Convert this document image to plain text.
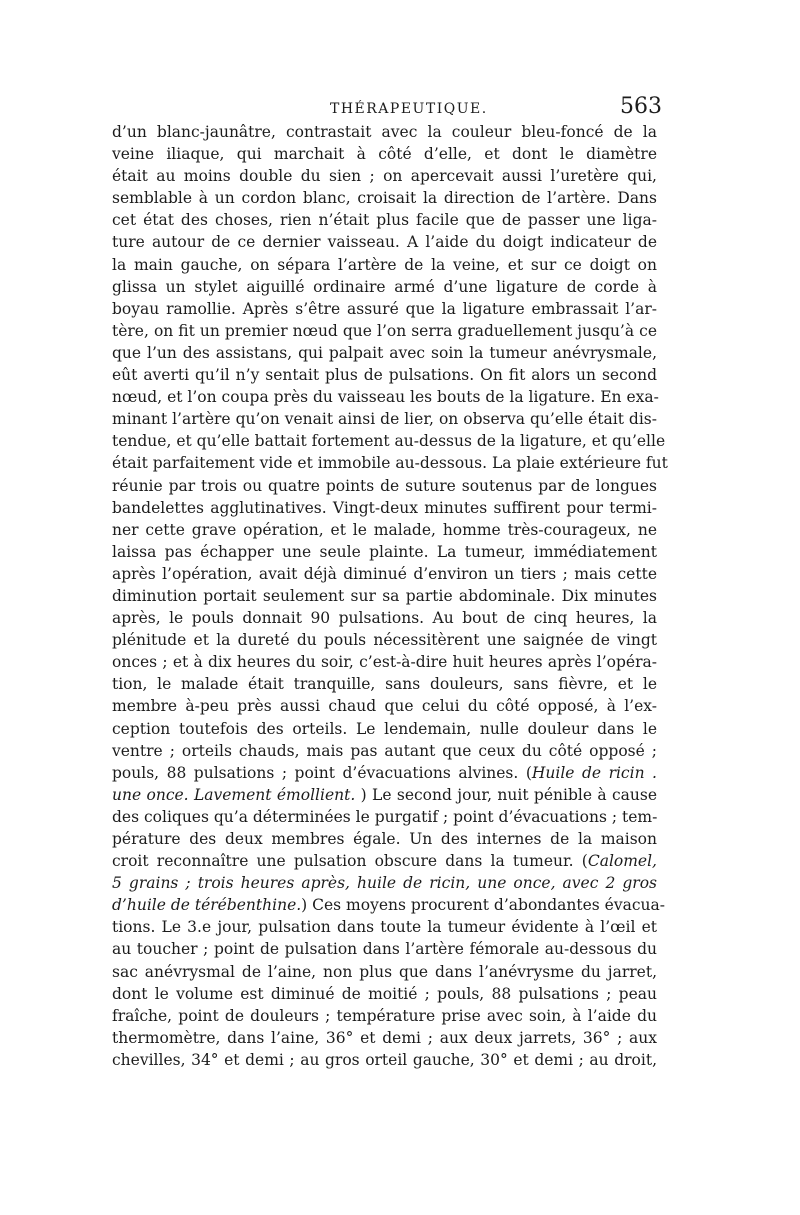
THÉRAPEUTIQUE.	563
d’un blanc-jaunâtre, contrastait avec la couleur bleu-foncé de la
veine iliaque, qui marchait à côté d’elle, et dont le diamètre
était au moins double du sien ; on apercevait aussi l’uretère qui,
semblable à un cordon blanc, croisait la direction de l’artère. Dans
cet état des choses, rien n’était plus facile que de passer une liga-
ture autour de ce dernier vaisseau. A l’aide du doigt indicateur de
la main gauche, on sépara l’artère de la veine, et sur ce doigt on
glissa un stylet aiguillé ordinaire armé d’une ligature de corde à
boyau ramollie. Après s’être assuré que la ligature embrassait l’ar-
tère, on fit un premier nœud que l’on serra graduellement jusqu’à ce
que l’un des assistans, qui palpait avec soin la tumeur anévrysmale,
eût averti qu’il n’y sentait plus de pulsations. On fit alors un second
nœud, et l’on coupa près du vaisseau les bouts de la ligature. En exa-
minant l’artère qu’on venait ainsi de lier, on observa qu’elle était dis-
tendue, et qu’elle battait fortement au-dessus de la ligature, et qu’elle
était parfaitement vide et immobile au-dessous. La plaie extérieure fut
réunie par trois ou quatre points de suture soutenus par de longues
bandelettes agglutinatives. Vingt-deux minutes suffirent pour termi-
ner cette grave opération, et le malade, homme très-courageux, ne
laissa pas échapper une seule plainte. La tumeur, immédiatement
après l’opération, avait déjà diminué d’environ un tiers ; mais cette
diminution portait seulement sur sa partie abdominale. Dix minutes
après, le pouls donnait 90 pulsations. Au bout de cinq heures, la
plénitude et la dureté du pouls nécessitèrent une saignée de vingt
onces ; et à dix heures du soir, c’est-à-dire huit heures après l’opéra-
tion, le malade était tranquille, sans douleurs, sans fièvre, et le
membre à-peu près aussi chaud que celui du côté opposé, à l’ex-
ception toutefois des orteils. Le lendemain, nulle douleur dans le
ventre ; orteils chauds, mais pas autant que ceux du côté opposé ;
pouls, 88 pulsations ; point d’évacuations alvines. (Huile de ricin .
une once. Lavement émollient. ) Le second jour, nuit pénible à cause
des coliques qu’a déterminées le purgatif ; point d’évacuations ; tem-
pérature des deux membres égale. Un des internes de la maison
croit reconnaître une pulsation obscure dans la tumeur. (Calomel,
5 grains ; trois heures après, huile de ricin, une once, avec 2 gros
d’huile de térébenthine.) Ces moyens procurent d’abondantes évacua-
tions. Le 3.e jour, pulsation dans toute la tumeur évidente à l’œil et
au toucher ; point de pulsation dans l’artère fémorale au-dessous du
sac anévrysmal de l’aine, non plus que dans l’anévrysme du jarret,
dont le volume est diminué de moitié ; pouls, 88 pulsations ; peau
fraîche, point de douleurs ; température prise avec soin, à l’aide du
thermomètre, dans l’aine, 36° et demi ; aux deux jarrets, 36° ; aux
chevilles, 34° et demi ; au gros orteil gauche, 30° et demi ; au droit,
